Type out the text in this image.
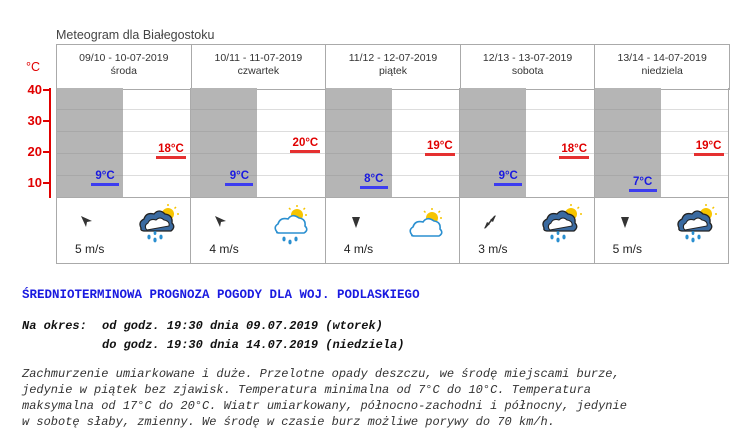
Meteogram dla Białegostoku
°C
09/10 - 10-07-2019
środa
10/11 - 11-07-2019
czwartek
11/12 - 12-07-2019
piątek
12/13 - 13-07-2019
sobota
13/14 - 14-07-2019
niedziela
40
30
20
10	9°C
18°C
9°C
20°C
8°C
19°C
9°C
18°C
7°C
19°C
5 m/s	4 m/s	4 m/s	3 m/s	5 m/s
ŚREDNIOTERMINOWA PROGNOZA POGODY DLA WOJ. PODLASKIEGO
Na okres: od godz. 19:30 dnia 09.07.2019 (wtorek)
do godz. 19:30 dnia 14.07.2019 (niedziela)
Zachmurzenie umiarkowane i duże. Przelotne opady deszczu, we środę miejscami burze,
jedynie w piątek bez zjawisk. Temperatura minimalna od 7°C do 10°C. Temperatura
maksymalna od 17°C do 20°C. Wiatr umiarkowany, północno-zachodni i północny, jedynie
w sobotę słaby, zmienny. We środę w czasie burz możliwe porywy do 70 km/h.
